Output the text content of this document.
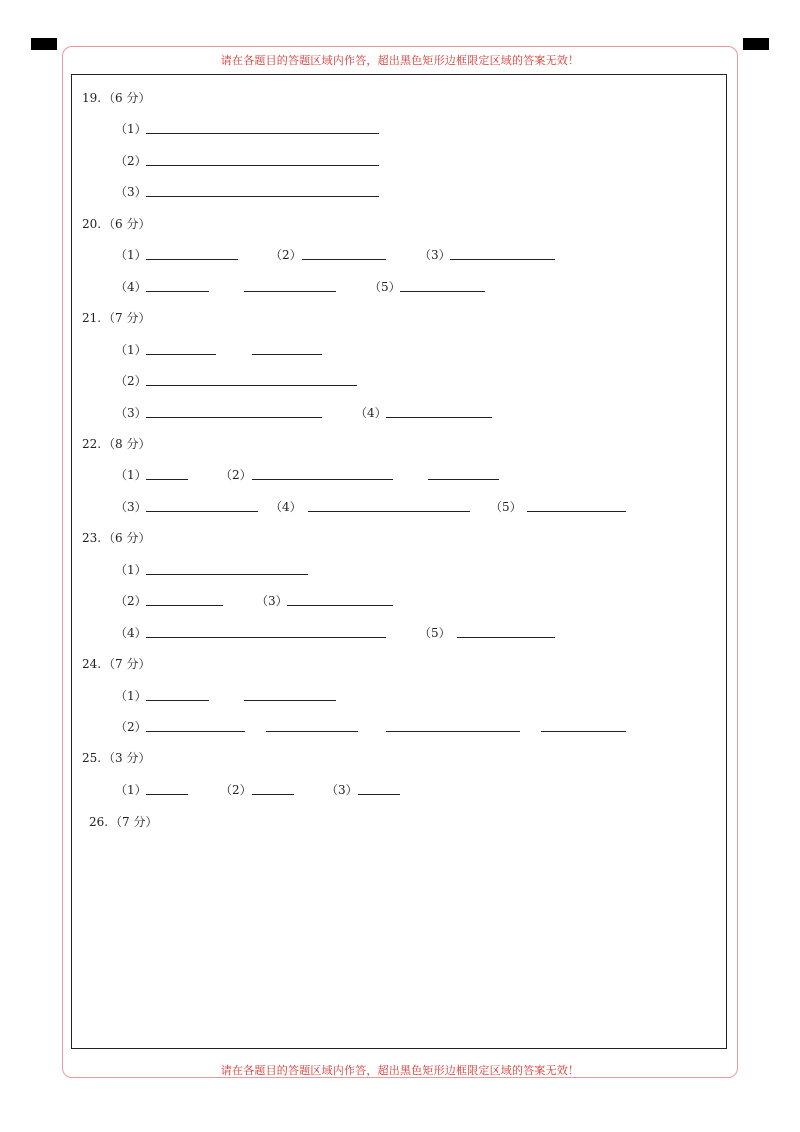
请在各题目的答题区域内作答，超出黑色矩形边框限定区域的答案无效！
请在各题目的答题区域内作答，超出黑色矩形边框限定区域的答案无效！
19. （6 分）
（1）
（2）
（3）
20. （6 分）
（1）	（2）	（3）
（4）	（5）
21. （7 分）
（1）
（2）
（3）	（4）
22. （8 分）
（1）	（2）
（3）	（4）	（5）
23. （6 分）
（1）
（2）	（3）
（4）	（5）
24. （7 分）
（1）
（2）
25. （3 分）
（1）	（2）	（3）
26. （7 分）
